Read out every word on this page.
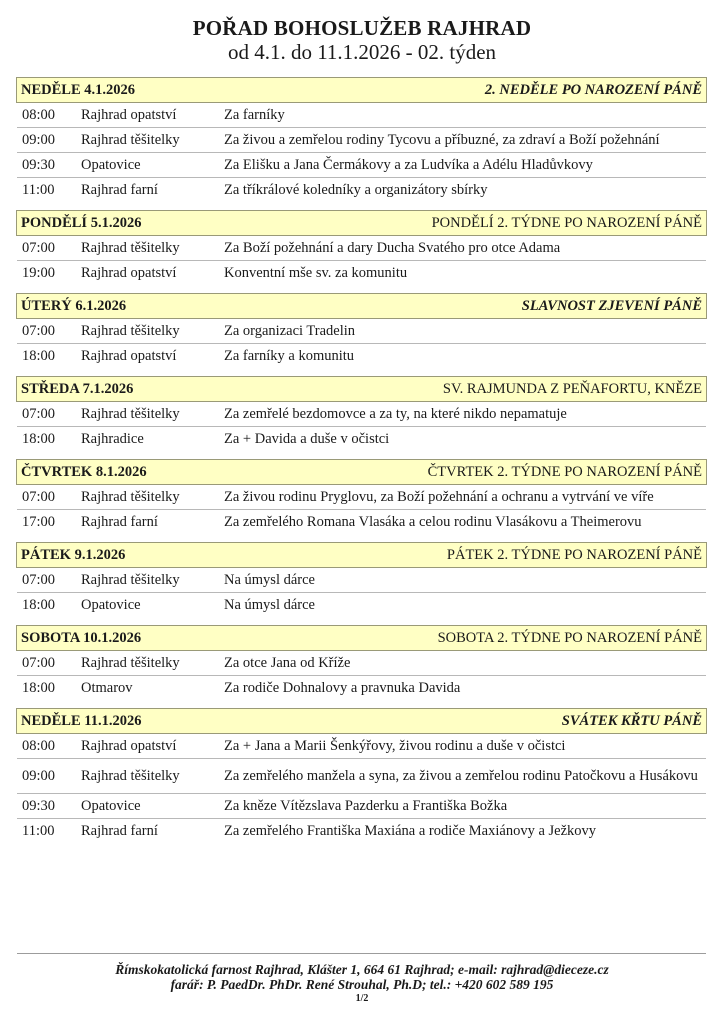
POŘAD BOHOSLUŽEB RAJHRAD
od 4.1. do 11.1.2026 - 02. týden
NEDĚLE 4.1.2026	2. NEDĚLE PO NAROZENÍ PÁNĚ
08:00	Rajhrad opatství	Za farníky
09:00	Rajhrad těšitelky	Za živou a zemřelou rodiny Tycovu a příbuzné, za zdraví a Boží požehnání
09:30	Opatovice	Za Elišku a Jana Čermákovy a za Ludvíka a Adélu Hladůvkovy
11:00	Rajhrad farní	Za tříkrálové koledníky a organizátory sbírky
PONDĚLÍ 5.1.2026	PONDĚLÍ 2. TÝDNE PO NAROZENÍ PÁNĚ
07:00	Rajhrad těšitelky	Za Boží požehnání a dary Ducha Svatého pro otce Adama
19:00	Rajhrad opatství	Konventní mše sv. za komunitu
ÚTERÝ 6.1.2026	SLAVNOST ZJEVENÍ PÁNĚ
07:00	Rajhrad těšitelky	Za organizaci Tradelin
18:00	Rajhrad opatství	Za farníky a komunitu
STŘEDA 7.1.2026	SV. RAJMUNDA Z PEŇAFORTU, KNĚZE
07:00	Rajhrad těšitelky	Za zemřelé bezdomovce a za ty, na které nikdo nepamatuje
18:00	Rajhradice	Za + Davida a duše v očistci
ČTVRTEK 8.1.2026	ČTVRTEK 2. TÝDNE PO NAROZENÍ PÁNĚ
07:00	Rajhrad těšitelky	Za živou rodinu Pryglovu, za Boží požehnání a ochranu a vytrvání ve víře
17:00	Rajhrad farní	Za zemřelého Romana Vlasáka a celou rodinu Vlasákovu a Theimerovu
PÁTEK 9.1.2026	PÁTEK 2. TÝDNE PO NAROZENÍ PÁNĚ
07:00	Rajhrad těšitelky	Na úmysl dárce
18:00	Opatovice	Na úmysl dárce
SOBOTA 10.1.2026	SOBOTA 2. TÝDNE PO NAROZENÍ PÁNĚ
07:00	Rajhrad těšitelky	Za otce Jana od Kříže
18:00	Otmarov	Za rodiče Dohnalovy a pravnuka Davida
NEDĚLE 11.1.2026	SVÁTEK KŘTU PÁNĚ
08:00	Rajhrad opatství	Za + Jana a Marii Šenkýřovy, živou rodinu a duše v očistci
09:00	Rajhrad těšitelky	Za zemřelého manžela a syna, za živou a zemřelou rodinu Patočkovu a Husákovu
09:30	Opatovice	Za kněze Vítězslava Pazderku a Františka Božka
11:00	Rajhrad farní	Za zemřelého Františka Maxiána a rodiče Maxiánovy a Ježkovy
Římskokatolická farnost Rajhrad, Klášter 1, 664 61 Rajhrad; e-mail: rajhrad@dieceze.cz
farář: P. PaedDr. PhDr. René Strouhal, Ph.D; tel.: +420 602 589 195
1/2
